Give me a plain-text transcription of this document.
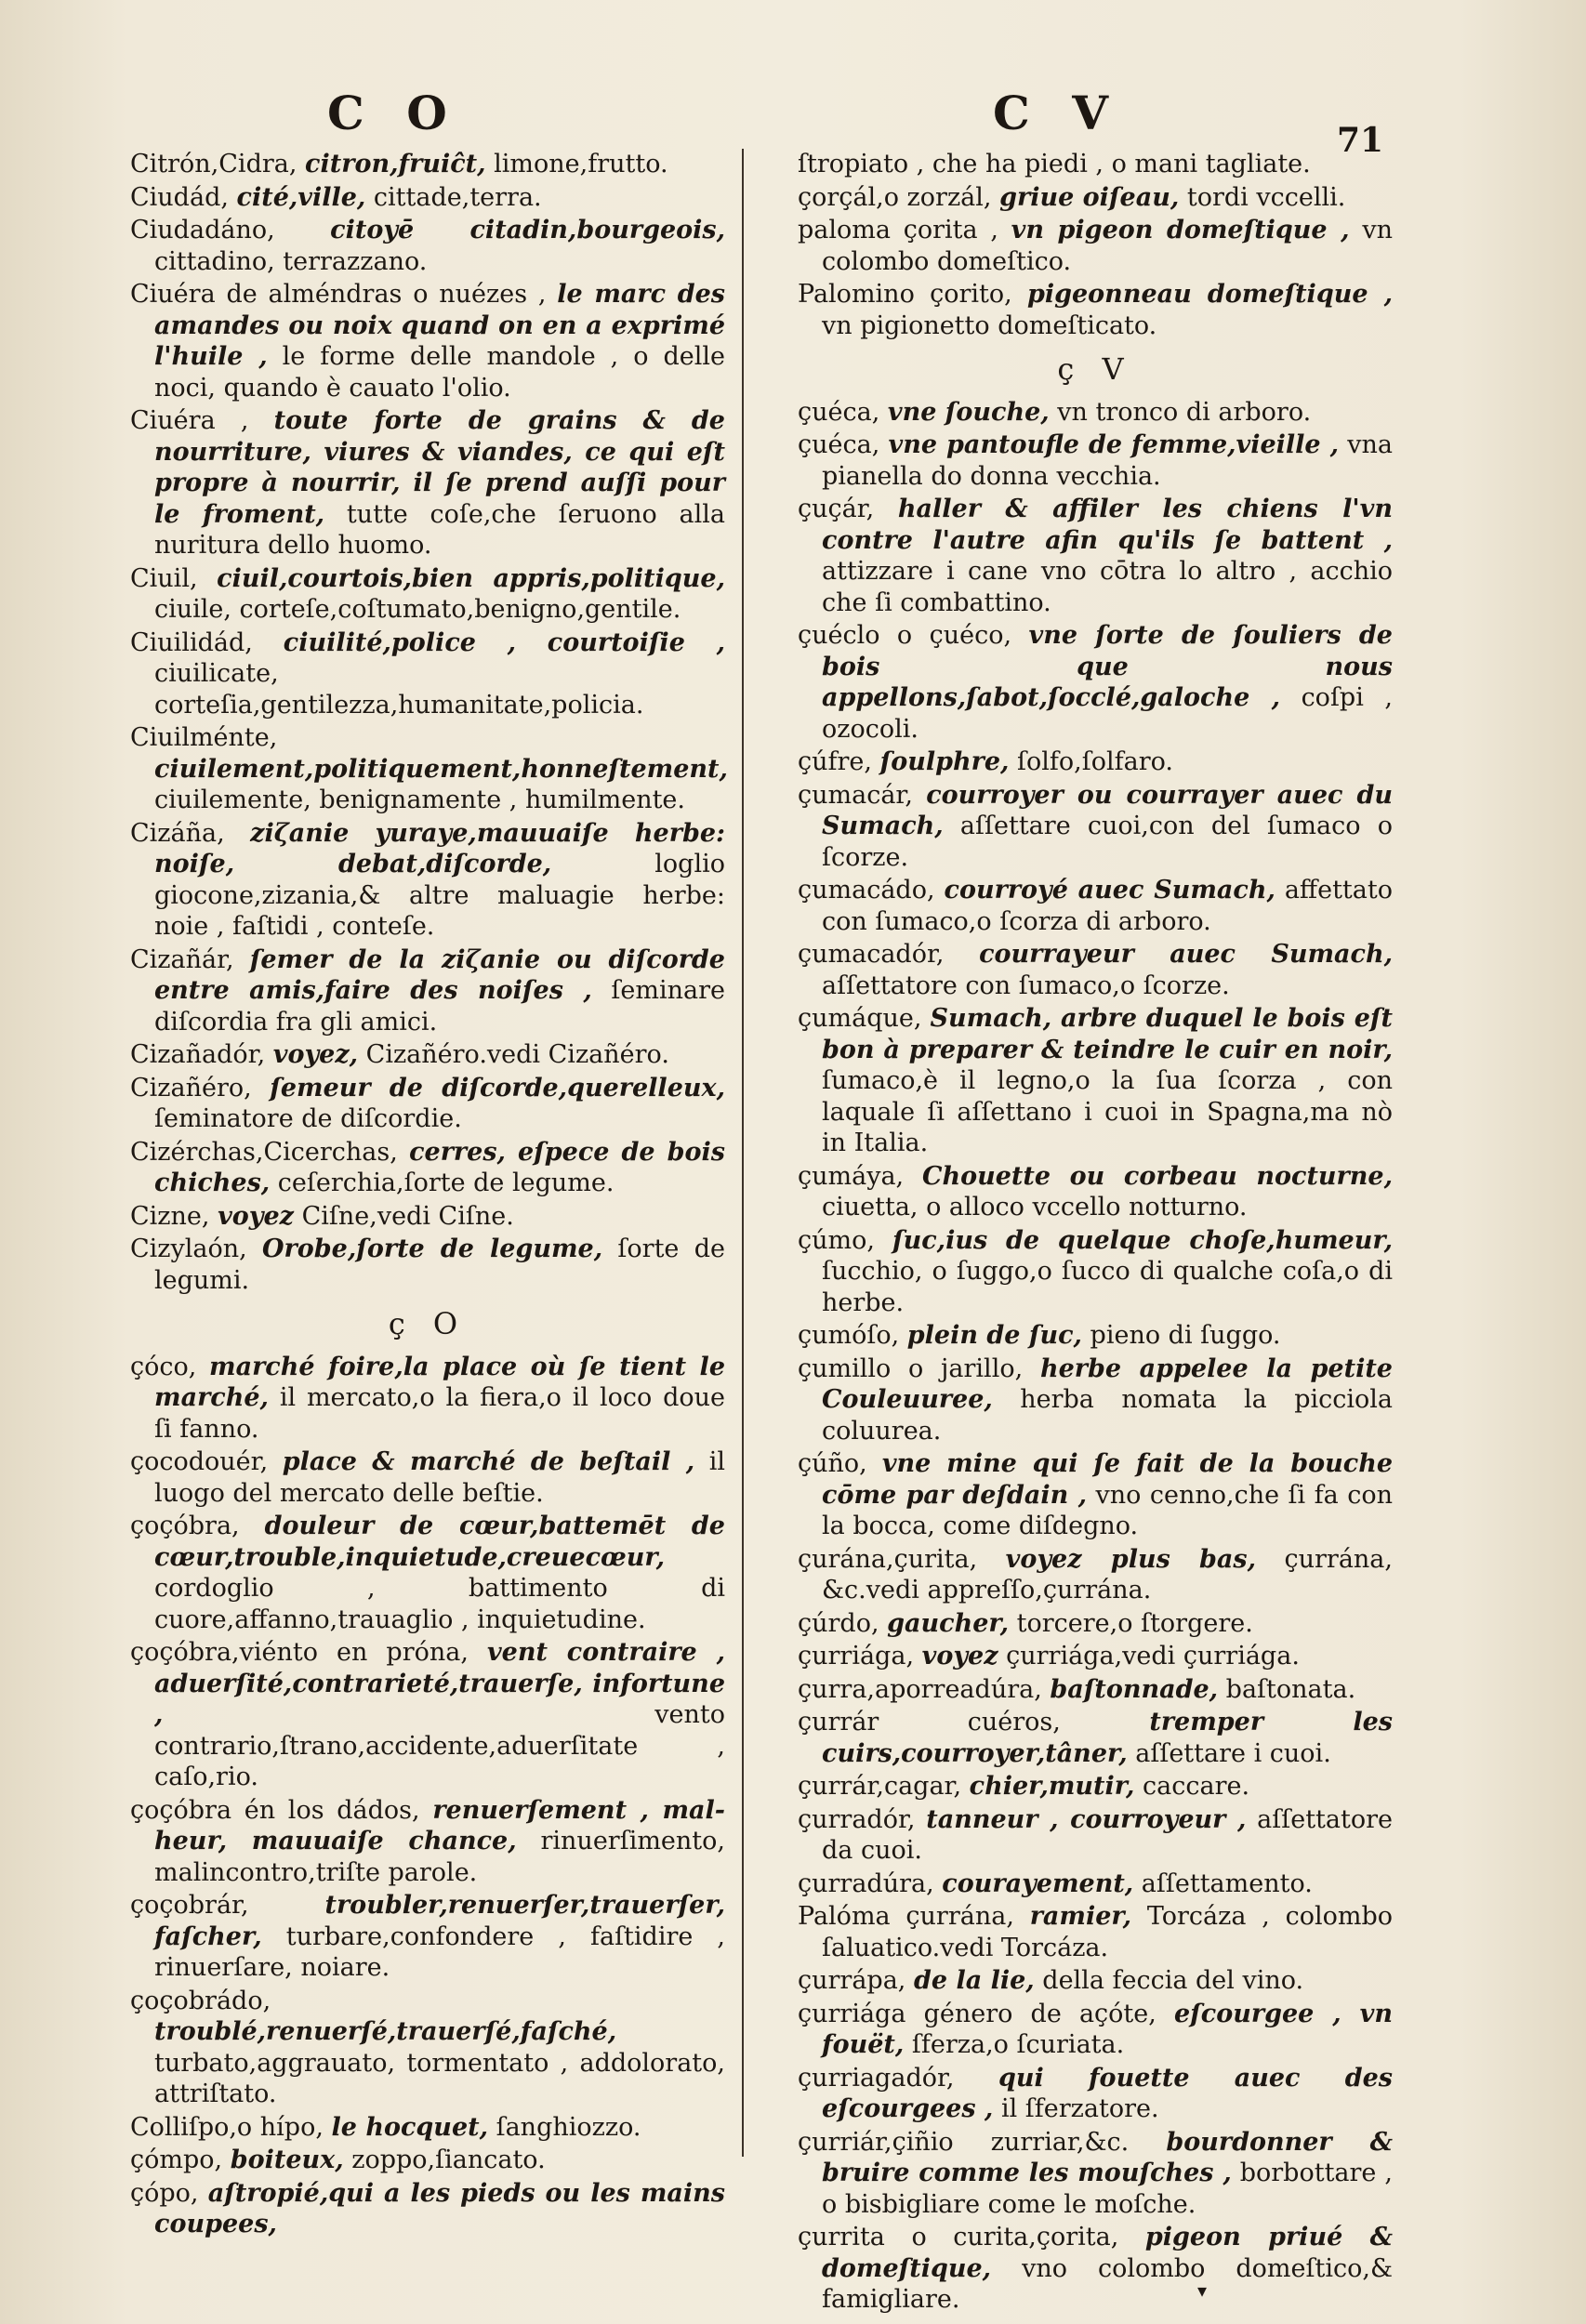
C O	C V	71

Citrón,Cidra, citron,fruiĉt, limone,frutto.

Ciudád, cité,ville, cittade,terra.

Ciudadáno, citoyē citadin,bourgeois, cittadino, terrazzano.

Ciuéra de alméndras o nuézes , le marc des amandes ou noix quand on en a exprimé l'huile , le forme delle mandole , o delle noci, quando è cauato l'olio.

Ciuéra , toute forte de grains & de nourriture, viures & viandes, ce qui eſt propre à nourrir, il ſe prend auſſi pour le froment, tutte coſe,che ſeruono alla nuritura dello huomo.

Ciuil, ciuil,courtois,bien appris,politique, ciuile, corteſe,coſtumato,benigno,gentile.

Ciuilidád, ciuilité,police , courtoiſie , ciuilicate, corteſia,gentilezza,humanitate,policia.

Ciuilménte, ciuilement,politiquement,honneſtement, ciuilemente, benignamente , humilmente.

Cizáña, ziζanie yuraye,mauuaiſe herbe: noiſe, debat,diſcorde,	loglio giocone,zizania,& altre maluagie herbe: noie , faſtidi , conteſe.

Cizañár, ſemer de la ziζanie ou diſcorde entre amis,faire des noiſes , ſeminare diſcordia fra gli amici.

Cizañadór, voyez, Cizañéro.vedi Cizañéro.

Cizañéro, ſemeur de diſcorde,querelleux, ſeminatore de diſcordie.

Cizérchas,Cicerchas, cerres, eſpece de bois chiches, ceſerchia,ſorte de legume.

Cizne, voyez Ciſne,vedi Ciſne.

Cizylaón, Orobe,ſorte de legume, ſorte de legumi.

ç O

çóco, marché foire,la place où ſe tient le marché, il mercato,o la fiera,o il loco doue ſi fanno.

çocodouér, place & marché de beſtail , il luogo del mercato delle beſtie.

çoçóbra, douleur de cœur,battemēt de cœur,trouble,inquietude,creuecœur, cordoglio , battimento di cuore,affanno,trauaglio , inquietudine.

çoçóbra,viénto en próna, vent contraire , aduerſité,contrarieté,trauerſe, infortune ,	vento contrario,ſtrano,accidente,aduerſitate , caſo,rio.

çoçóbra én los dádos, renuerſement , mal-heur, mauuaiſe chance, rinuerſimento, malincontro,triſte parole.

çoçobrár,	troubler,renuerſer,trauerſer, faſcher, turbare,confondere , faſtidire , rinuerſare, noiare.

çoçobrádo, troublé,renuerſé,trauerſé,faſché, turbato,aggrauato, tormentato , addolorato, attriſtato.

Colliſpo,o hípo, le hocquet, ſanghiozzo.

çómpo, boiteux, zoppo,ſiancato.

çópo, aſtropié,qui a les pieds ou les mains coupees,

ſtropiato , che ha piedi , o mani tagliate.

çorçál,o zorzál, griue oiſeau, tordi vccelli.

paloma çorita , vn pigeon domeſtique , vn colombo domeſtico.

Palomino çorito, pigeonneau domeſtique , vn pigionetto domeſticato.

ç V

çuéca, vne ſouche, vn tronco di arboro.

çuéca, vne pantoufle de femme,vieille , vna pianella do donna vecchia.

çuçár, haller & affiler les chiens l'vn contre l'autre afin qu'ils ſe battent , attizzare i cane vno cōtra lo altro , acchio che ſi combattino.

çuéclo o çuéco, vne ſorte de ſouliers de bois que nous appellons,ſabot,ſocclé,galoche , coſpi , ozocoli.

çúfre, ſoulphre, ſolfo,ſolfaro.

çumacár, courroyer ou courrayer auec du Sumach, aſſettare cuoi,con del ſumaco o ſcorze.

çumacádo, courroyé auec Sumach, affettato con ſumaco,o ſcorza di arboro.

çumacadór, courrayeur auec Sumach, aſſettatore con ſumaco,o ſcorze.

çumáque, Sumach, arbre duquel le bois eſt bon à preparer & teindre le cuir en noir, ſumaco,è il legno,o la ſua ſcorza , con laquale ſi aſſettano i cuoi in Spagna,ma nò in Italia.

çumáya, Chouette ou corbeau nocturne, ciuetta, o alloco vccello notturno.

çúmo, ſuc,ius de quelque choſe,humeur, ſucchio, o ſuggo,o ſucco di qualche coſa,o di herbe.

çumóſo, plein de ſuc, pieno di ſuggo.

çumillo o jarillo, herbe appelee la petite Couleuuree, herba nomata la picciola coluurea.

çúño, vne mine qui ſe fait de la bouche cōme par deſdain , vno cenno,che ſi fa con la bocca, come diſdegno.

çurána,çurita, voyez plus bas, çurrána, &c.vedi appreſſo,çurrána.

çúrdo, gaucher, torcere,o ſtorgere.

çurriága, voyez çurriága,vedi çurriága.

çurra,aporreadúra, baſtonnade, baſtonata.

çurrár cuéros,	tremper les cuirs,courroyer,tâner, aſſettare i cuoi.

çurrár,cagar, chier,mutir, caccare.

çurradór, tanneur , courroyeur , aſſettatore da cuoi.

çurradúra, courayement, aſſettamento.

Palóma çurrána, ramier, Torcáza , colombo ſaluatico.vedi Torcáza.

çurrápa, de la lie, della feccia del vino.

çurriága género de açóte, eſcourgee , vn fouët, ſferza,o ſcuriata.

çurriagadór, qui fouette auec des eſcourgees , il ſferzatore.

çurriár,çiñio zurriar,&c. bourdonner & bruire comme les mouſches , borbottare , o bisbigliare come le moſche.

çurrita o curita,çorita, pigeon priué & domeſtique, vno colombo domeſtico,& famigliare.	▾
